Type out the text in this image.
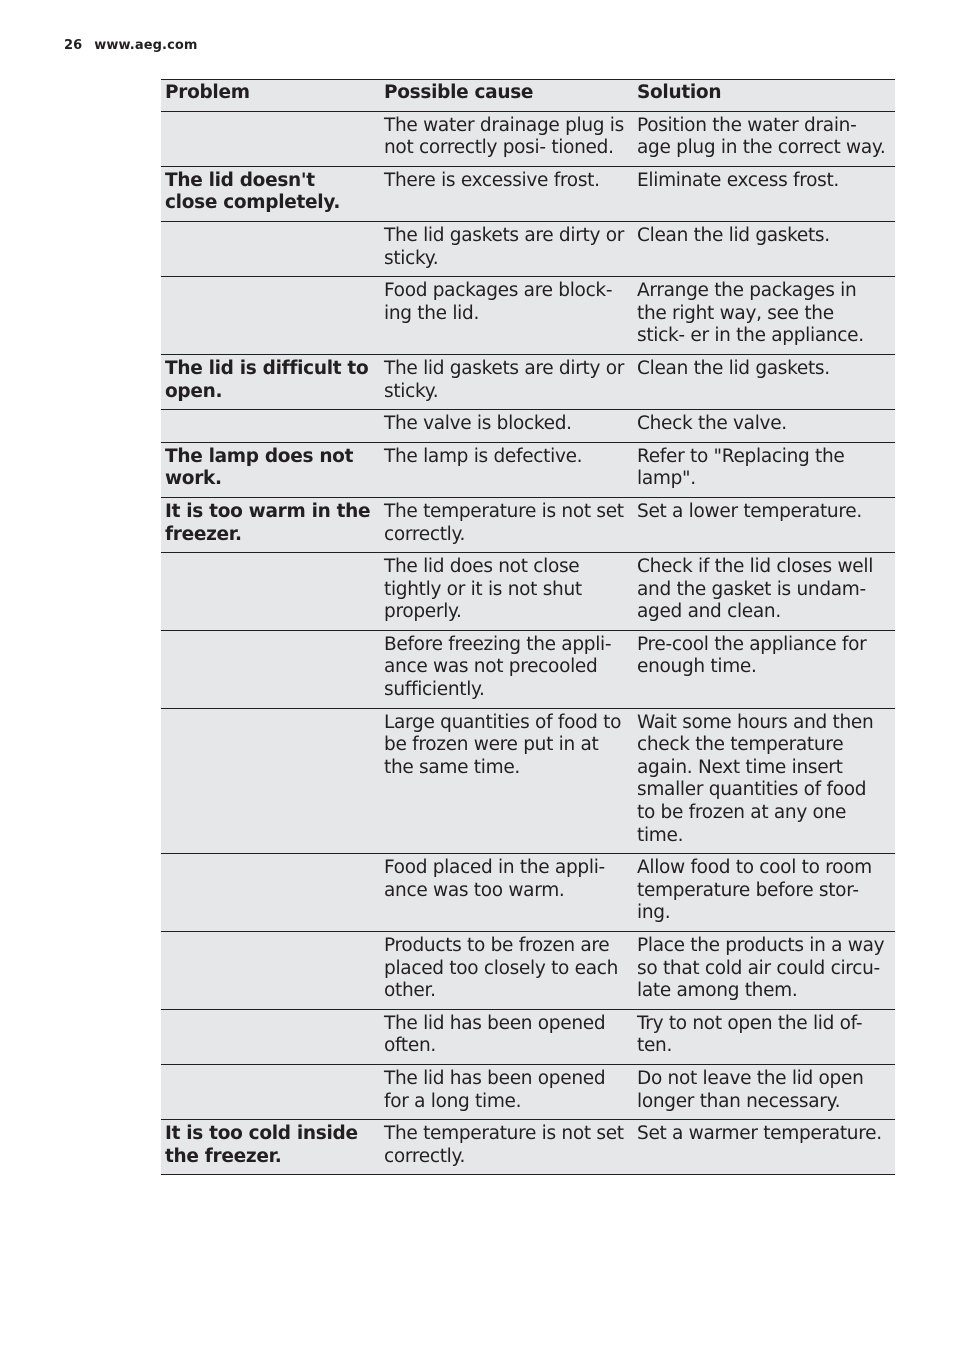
26 www.aeg.com
Problem	Possible cause	Solution
	The water drainage plug is not correctly posi- tioned.	Position the water drain- age plug in the correct way.
The lid doesn't close completely.	There is excessive frost.	Eliminate excess frost.
	The lid gaskets are dirty or sticky.	Clean the lid gaskets.
	Food packages are block- ing the lid.	Arrange the packages in the right way, see the stick- er in the appliance.
The lid is difficult to open.	The lid gaskets are dirty or sticky.	Clean the lid gaskets.
	The valve is blocked.	Check the valve.
The lamp does not work.	The lamp is defective.	Refer to "Replacing the lamp".
It is too warm in the freezer.	The temperature is not set correctly.	Set a lower temperature.
	The lid does not close tightly or it is not shut properly.	Check if the lid closes well and the gasket is undam- aged and clean.
	Before freezing the appli- ance was not precooled sufficiently.	Pre-cool the appliance for enough time.
	Large quantities of food to be frozen were put in at the same time.	Wait some hours and then check the temperature again. Next time insert smaller quantities of food to be frozen at any one time.
	Food placed in the appli- ance was too warm.	Allow food to cool to room temperature before stor- ing.
	Products to be frozen are placed too closely to each other.	Place the products in a way so that cold air could circu- late among them.
	The lid has been opened often.	Try to not open the lid of- ten.
	The lid has been opened for a long time.	Do not leave the lid open longer than necessary.
It is too cold inside the freezer.	The temperature is not set correctly.	Set a warmer temperature.
